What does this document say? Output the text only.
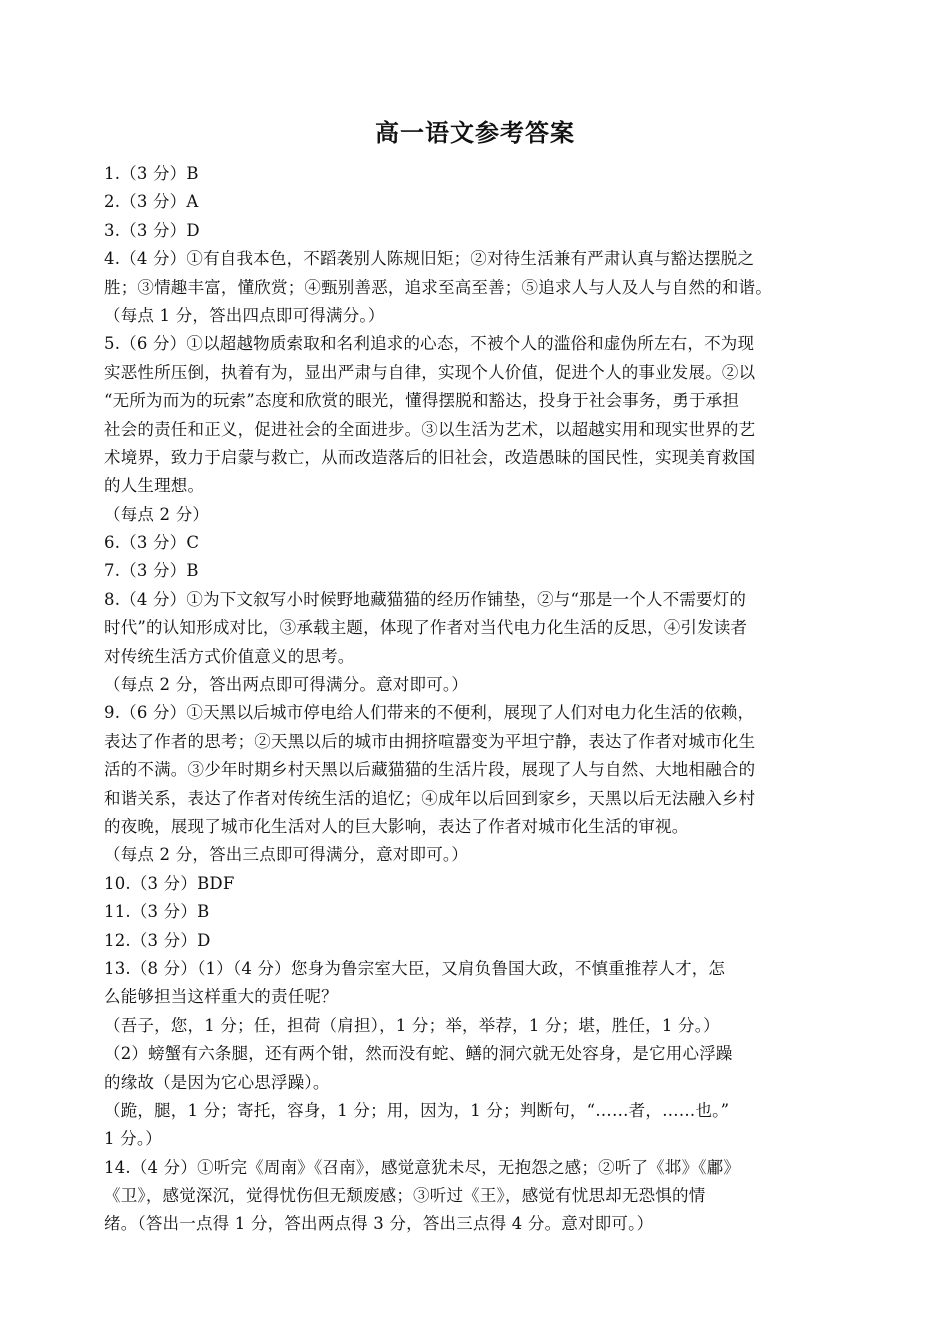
高一语文参考答案
1.（3 分）B
2.（3 分）A
3.（3 分）D
4.（4 分）①有自我本色，不蹈袭别人陈规旧矩；②对待生活兼有严肃认真与豁达摆脱之
胜；③情趣丰富，懂欣赏；④甄别善恶，追求至高至善；⑤追求人与人及人与自然的和谐。
（每点 1 分，答出四点即可得满分。）
5.（6 分）①以超越物质索取和名利追求的心态，不被个人的滥俗和虚伪所左右，不为现
实恶性所压倒，执着有为，显出严肃与自律，实现个人价值，促进个人的事业发展。②以
“无所为而为的玩索”态度和欣赏的眼光，懂得摆脱和豁达，投身于社会事务，勇于承担
社会的责任和正义，促进社会的全面进步。③以生活为艺术，以超越实用和现实世界的艺
术境界，致力于启蒙与救亡，从而改造落后的旧社会，改造愚昧的国民性，实现美育救国
的人生理想。
（每点 2 分）
6.（3 分）C
7.（3 分）B
8.（4 分）①为下文叙写小时候野地藏猫猫的经历作铺垫，②与“那是一个人不需要灯的
时代”的认知形成对比，③承载主题，体现了作者对当代电力化生活的反思，④引发读者
对传统生活方式价值意义的思考。
（每点 2 分，答出两点即可得满分。意对即可。）
9.（6 分）①天黑以后城市停电给人们带来的不便利，展现了人们对电力化生活的依赖，
表达了作者的思考；②天黑以后的城市由拥挤喧嚣变为平坦宁静，表达了作者对城市化生
活的不满。③少年时期乡村天黑以后藏猫猫的生活片段，展现了人与自然、大地相融合的
和谐关系，表达了作者对传统生活的追忆；④成年以后回到家乡，天黑以后无法融入乡村
的夜晚，展现了城市化生活对人的巨大影响，表达了作者对城市化生活的审视。
（每点 2 分，答出三点即可得满分，意对即可。）
10.（3 分）BDF
11.（3 分）B
12.（3 分）D
13.（8 分）（1）（4 分）您身为鲁宗室大臣，又肩负鲁国大政，不慎重推荐人才，怎
么能够担当这样重大的责任呢？
（吾子，您，1 分；任，担荷（肩担），1 分；举，举荐，1 分；堪，胜任，1 分。）
（2）螃蟹有六条腿，还有两个钳，然而没有蛇、鳝的洞穴就无处容身，是它用心浮躁
的缘故（是因为它心思浮躁）。
（跪，腿，1 分；寄托，容身，1 分；用，因为，1 分；判断句，“……者，……也。”
1 分。）
14.（4 分）①听完《周南》《召南》，感觉意犹未尽，无抱怨之感；②听了《邶》《鄘》
《卫》，感觉深沉，觉得忧伤但无颓废感；③听过《王》，感觉有忧思却无恐惧的情
绪。（答出一点得 1 分，答出两点得 3 分，答出三点得 4 分。意对即可。）
